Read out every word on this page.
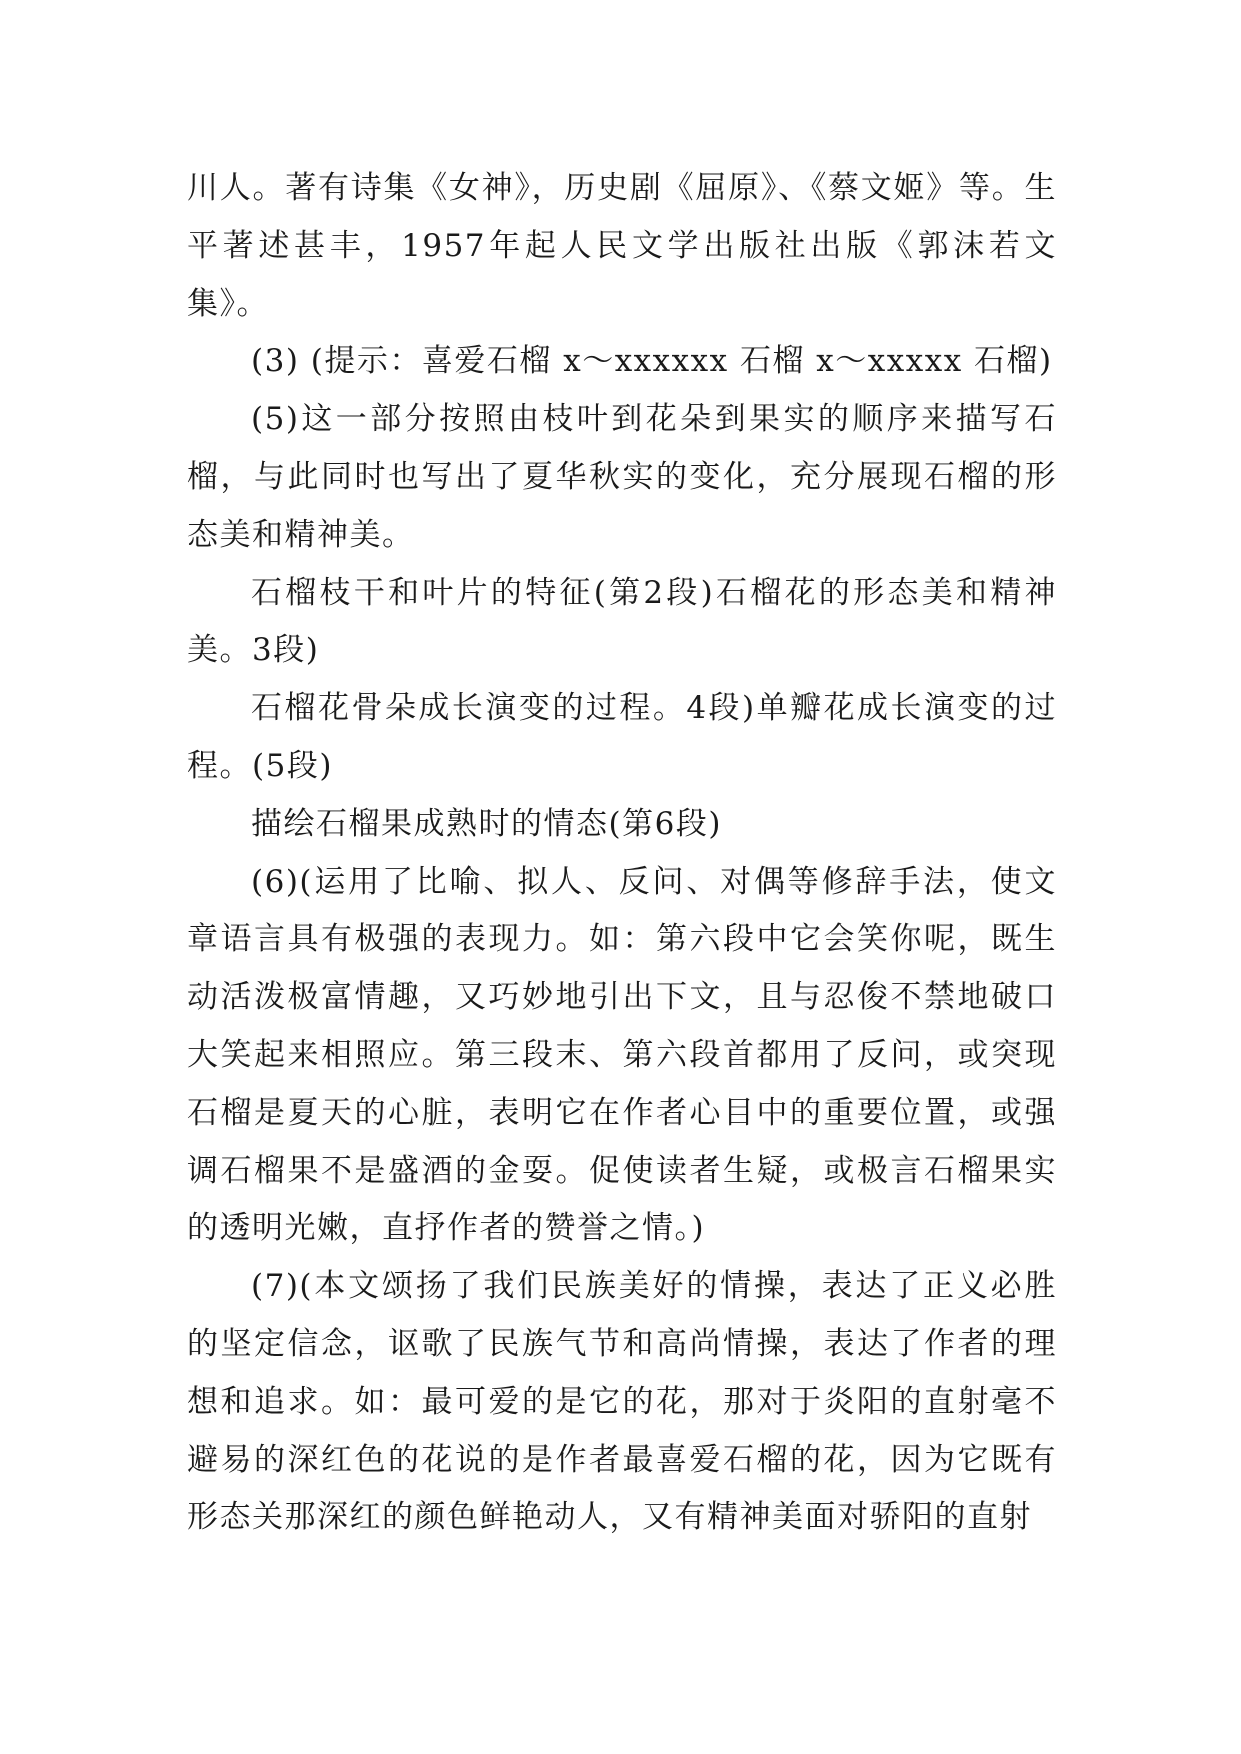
川人。著有诗集《女神》，历史剧《屈原》、《蔡文姬》等。生平著述甚丰，1957年起人民文学出版社出版《郭沫若文集》。

(3) (提示：喜爱石榴 x～xxxxxx 石榴 x～xxxxx 石榴)

(5)这一部分按照由枝叶到花朵到果实的顺序来描写石榴，与此同时也写出了夏华秋实的变化，充分展现石榴的形态美和精神美。

石榴枝干和叶片的特征(第2段)石榴花的形态美和精神美。3段)

石榴花骨朵成长演变的过程。4段)单瓣花成长演变的过程。(5段)

描绘石榴果成熟时的情态(第6段)

(6)(运用了比喻、拟人、反问、对偶等修辞手法，使文章语言具有极强的表现力。如：第六段中它会笑你呢，既生动活泼极富情趣，又巧妙地引出下文，且与忍俊不禁地破口大笑起来相照应。第三段末、第六段首都用了反问，或突现石榴是夏天的心脏，表明它在作者心目中的重要位置，或强调石榴果不是盛酒的金耍。促使读者生疑，或极言石榴果实的透明光嫩，直抒作者的赞誉之情。)

(7)(本文颂扬了我们民族美好的情操，表达了正义必胜的坚定信念，讴歌了民族气节和高尚情操，表达了作者的理想和追求。如：最可爱的是它的花，那对于炎阳的直射毫不避易的深红色的花说的是作者最喜爱石榴的花，因为它既有形态关那深红的颜色鲜艳动人，又有精神美面对骄阳的直射
